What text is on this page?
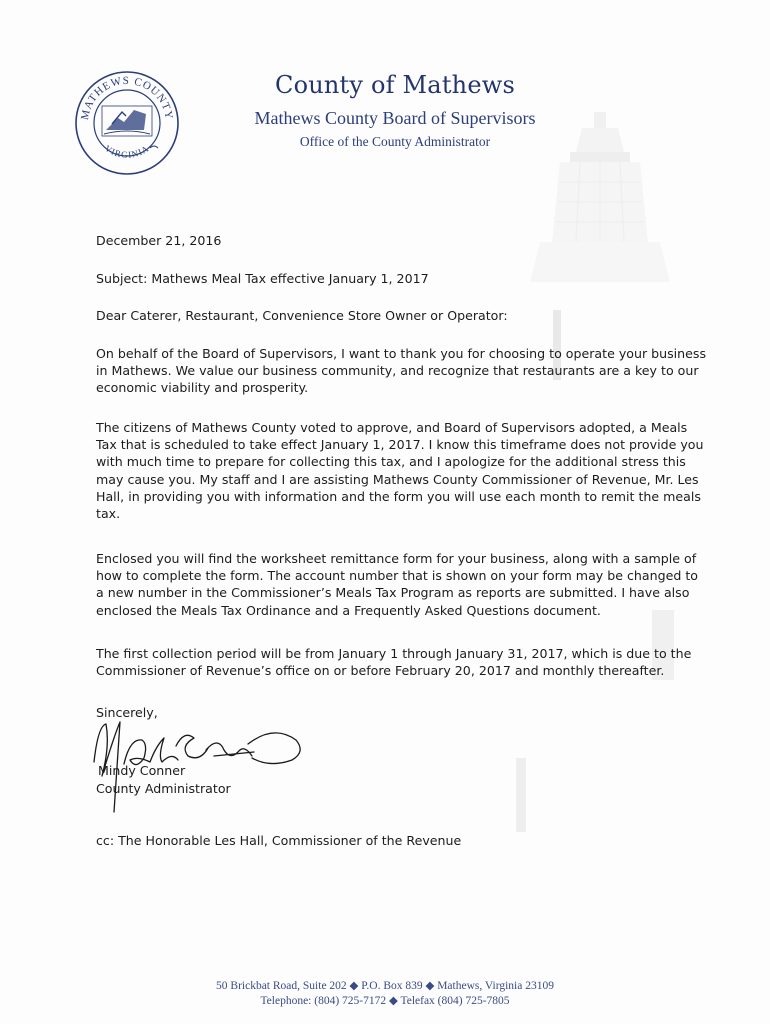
MATHEWS COUNTY
VIRGINIA
County of Mathews
Mathews County Board of Supervisors
Office of the County Administrator
December 21, 2016
Subject: Mathews Meal Tax effective January 1, 2017
Dear Caterer, Restaurant, Convenience Store Owner or Operator:
On behalf of the Board of Supervisors, I want to thank you for choosing to operate your business
in Mathews. We value our business community, and recognize that restaurants are a key to our
economic viability and prosperity.
The citizens of Mathews County voted to approve, and Board of Supervisors adopted, a Meals
Tax that is scheduled to take effect January 1, 2017. I know this timeframe does not provide you
with much time to prepare for collecting this tax, and I apologize for the additional stress this
may cause you. My staff and I are assisting Mathews County Commissioner of Revenue, Mr. Les
Hall, in providing you with information and the form you will use each month to remit the meals
tax.
Enclosed you will find the worksheet remittance form for your business, along with a sample of
how to complete the form. The account number that is shown on your form may be changed to
a new number in the Commissioner’s Meals Tax Program as reports are submitted. I have also
enclosed the Meals Tax Ordinance and a Frequently Asked Questions document.
The first collection period will be from January 1 through January 31, 2017, which is due to the
Commissioner of Revenue’s office on or before February 20, 2017 and monthly thereafter.
Sincerely,
Mindy Conner
County Administrator
cc: The Honorable Les Hall, Commissioner of the Revenue
50 Brickbat Road, Suite 202 ◆ P.O. Box 839 ◆ Mathews, Virginia 23109
Telephone: (804) 725-7172 ◆ Telefax (804) 725-7805
